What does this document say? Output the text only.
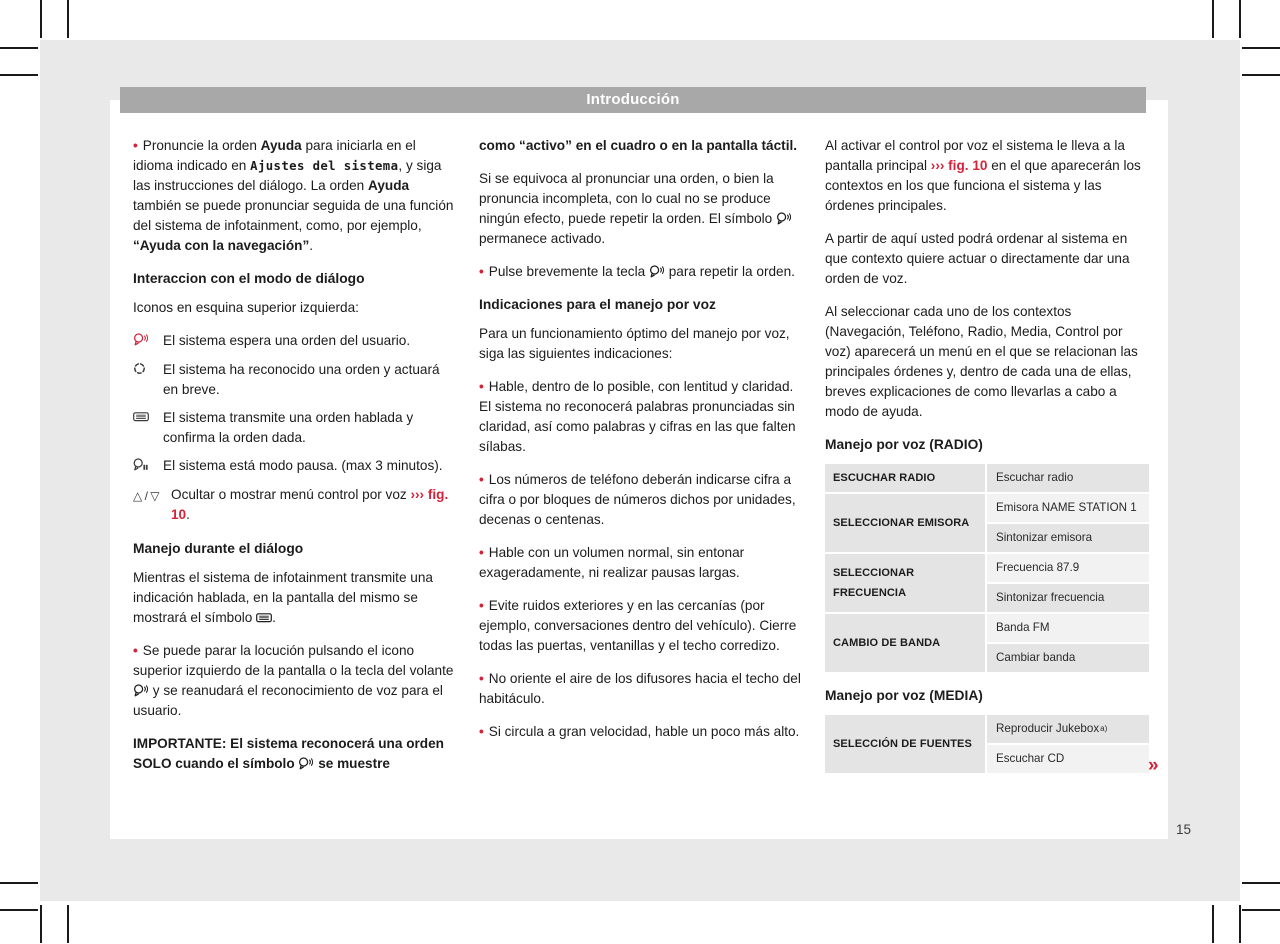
• Pronuncie la orden Ayuda para iniciarla en el idioma indicado en Ajustes del sistema, y siga las instrucciones del diálogo. La orden Ayuda también se puede pronunciar seguida de una función del sistema de infotainment, como, por ejemplo, “Ayuda con la navegación”.
Interaccion con el modo de diálogo
Iconos en esquina superior izquierda:
El sistema espera una orden del usuario.
El sistema ha reconocido una orden y actuará en breve.
El sistema transmite una orden hablada y confirma la orden dada.
El sistema está modo pausa. (max 3 minutos).
△ / ▽ Ocultar o mostrar menú control por voz ››› fig. 10.
Manejo durante el diálogo
Mientras el sistema de infotainment transmite una indicación hablada, en la pantalla del mismo se mostrará el símbolo .
• Se puede parar la locución pulsando el icono superior izquierdo de la pantalla o la tecla del volante  y se reanudará el reconocimiento de voz para el usuario.
IMPORTANTE: El sistema reconocerá una orden SOLO cuando el símbolo  se muestre
como “activo” en el cuadro o en la pantalla táctil.
Si se equivoca al pronunciar una orden, o bien la pronuncia incompleta, con lo cual no se produce ningún efecto, puede repetir la orden. El símbolo  permanece activado.
• Pulse brevemente la tecla  para repetir la orden.
Indicaciones para el manejo por voz
Para un funcionamiento óptimo del manejo por voz, siga las siguientes indicaciones:
• Hable, dentro de lo posible, con lentitud y claridad. El sistema no reconocerá palabras pronunciadas sin claridad, así como palabras y cifras en las que falten sílabas.
• Los números de teléfono deberán indicarse cifra a cifra o por bloques de números dichos por unidades, decenas o centenas.
• Hable con un volumen normal, sin entonar exageradamente, ni realizar pausas largas.
• Evite ruidos exteriores y en las cercanías (por ejemplo, conversaciones dentro del vehículo). Cierre todas las puertas, ventanillas y el techo corredizo.
• No oriente el aire de los difusores hacia el techo del habitáculo.
• Si circula a gran velocidad, hable un poco más alto.
Al activar el control por voz el sistema le lleva a la pantalla principal ››› fig. 10 en el que aparecerán los contextos en los que funciona el sistema y las órdenes principales.
A partir de aquí usted podrá ordenar al sistema en que contexto quiere actuar o directamente dar una orden de voz.
Al seleccionar cada uno de los contextos (Navegación, Teléfono, Radio, Media, Control por voz) aparecerá un menú en el que se relacionan las principales órdenes y, dentro de cada una de ellas, breves explicaciones de como llevarlas a cabo a modo de ayuda.
Manejo por voz (RADIO)
ESCUCHAR RADIO	Escuchar radio
SELECCIONAR EMISORA
Emisora NAME STATION 1
Sintonizar emisora
SELECCIONAR FRECUENCIA
Frecuencia 87.9
Sintonizar frecuencia
CAMBIO DE BANDA
Banda FM
Cambiar banda
Manejo por voz (MEDIA)
SELECCIÓN DE FUENTES
Reproducir Jukebox a)
Escuchar CD
Introducción
15
»
